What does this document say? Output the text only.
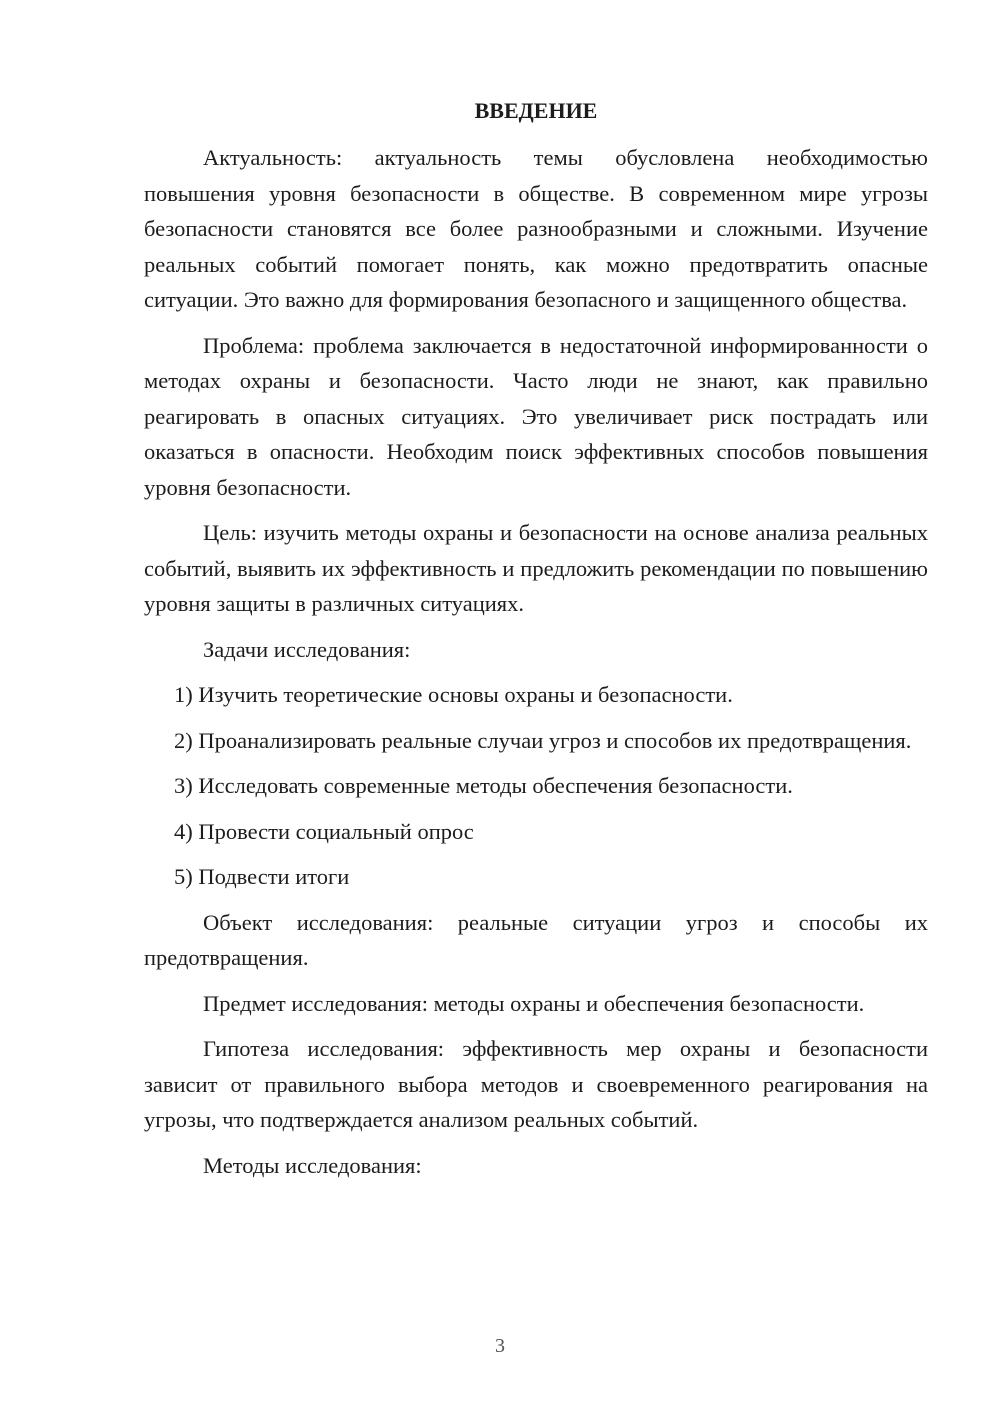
ВВЕДЕНИЕ

Актуальность: актуальность темы обусловлена необходимостью повышения уровня безопасности в обществе. В современном мире угрозы безопасности становятся все более разнообразными и сложными. Изучение реальных событий помогает понять, как можно предотвратить опасные ситуации. Это важно для формирования безопасного и защищенного общества.

Проблема: проблема заключается в недостаточной информированности о методах охраны и безопасности. Часто люди не знают, как правильно реагировать в опасных ситуациях. Это увеличивает риск пострадать или оказаться в опасности. Необходим поиск эффективных способов повышения уровня безопасности.

Цель: изучить методы охраны и безопасности на основе анализа реальных событий, выявить их эффективность и предложить рекомендации по повышению уровня защиты в различных ситуациях.

Задачи исследования:

1) Изучить теоретические основы охраны и безопасности.

2) Проанализировать реальные случаи угроз и способов их предотвращения.

3) Исследовать современные методы обеспечения безопасности.

4) Провести социальный опрос

5) Подвести итоги

Объект исследования: реальные ситуации угроз и способы их предотвращения.

Предмет исследования: методы охраны и обеспечения безопасности.

Гипотеза исследования: эффективность мер охраны и безопасности зависит от правильного выбора методов и своевременного реагирования на угрозы, что подтверждается анализом реальных событий.

Методы исследования:

3
